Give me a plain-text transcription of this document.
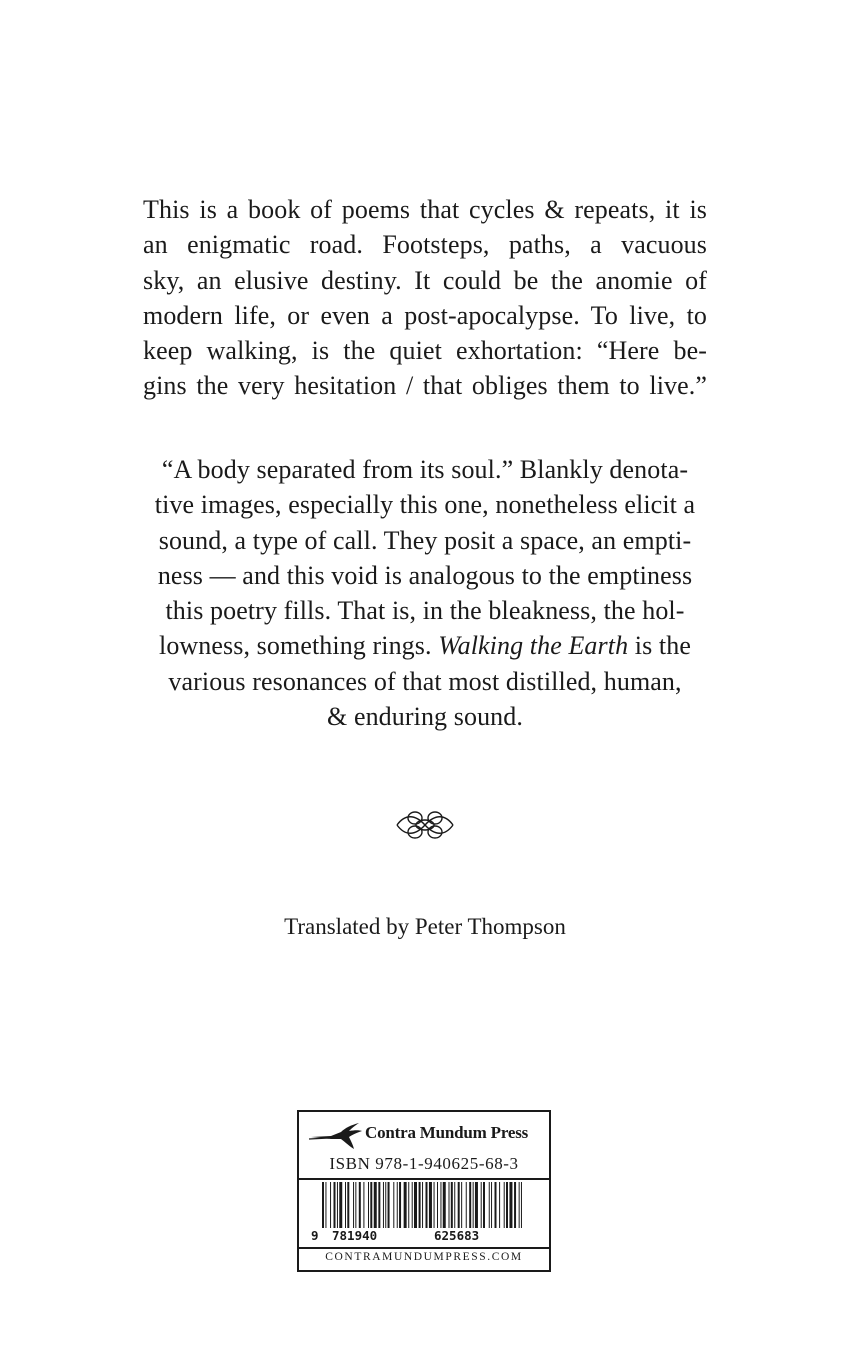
This is a book of poems that cycles & repeats, it is
an enigmatic road. Footsteps, paths, a vacuous
sky, an elusive destiny. It could be the anomie of
modern life, or even a post-apocalypse. To live, to
keep walking, is the quiet exhortation: “Here be-
gins the very hesitation / that obliges them to live.”
“A body separated from its soul.” Blankly denota-
tive images, especially this one, nonetheless elicit a
sound, a type of call. They posit a space, an empti-
ness — and this void is analogous to the emptiness
this poetry fills. That is, in the bleakness, the hol-
lowness, something rings. Walking the Earth is the
various resonances of that most distilled, human,
& enduring sound.
Translated by Peter Thompson
Contra Mundum Press
ISBN 978-1-940625-68-3
9 781940	625683
CONTRAMUNDUMPRESS.COM
